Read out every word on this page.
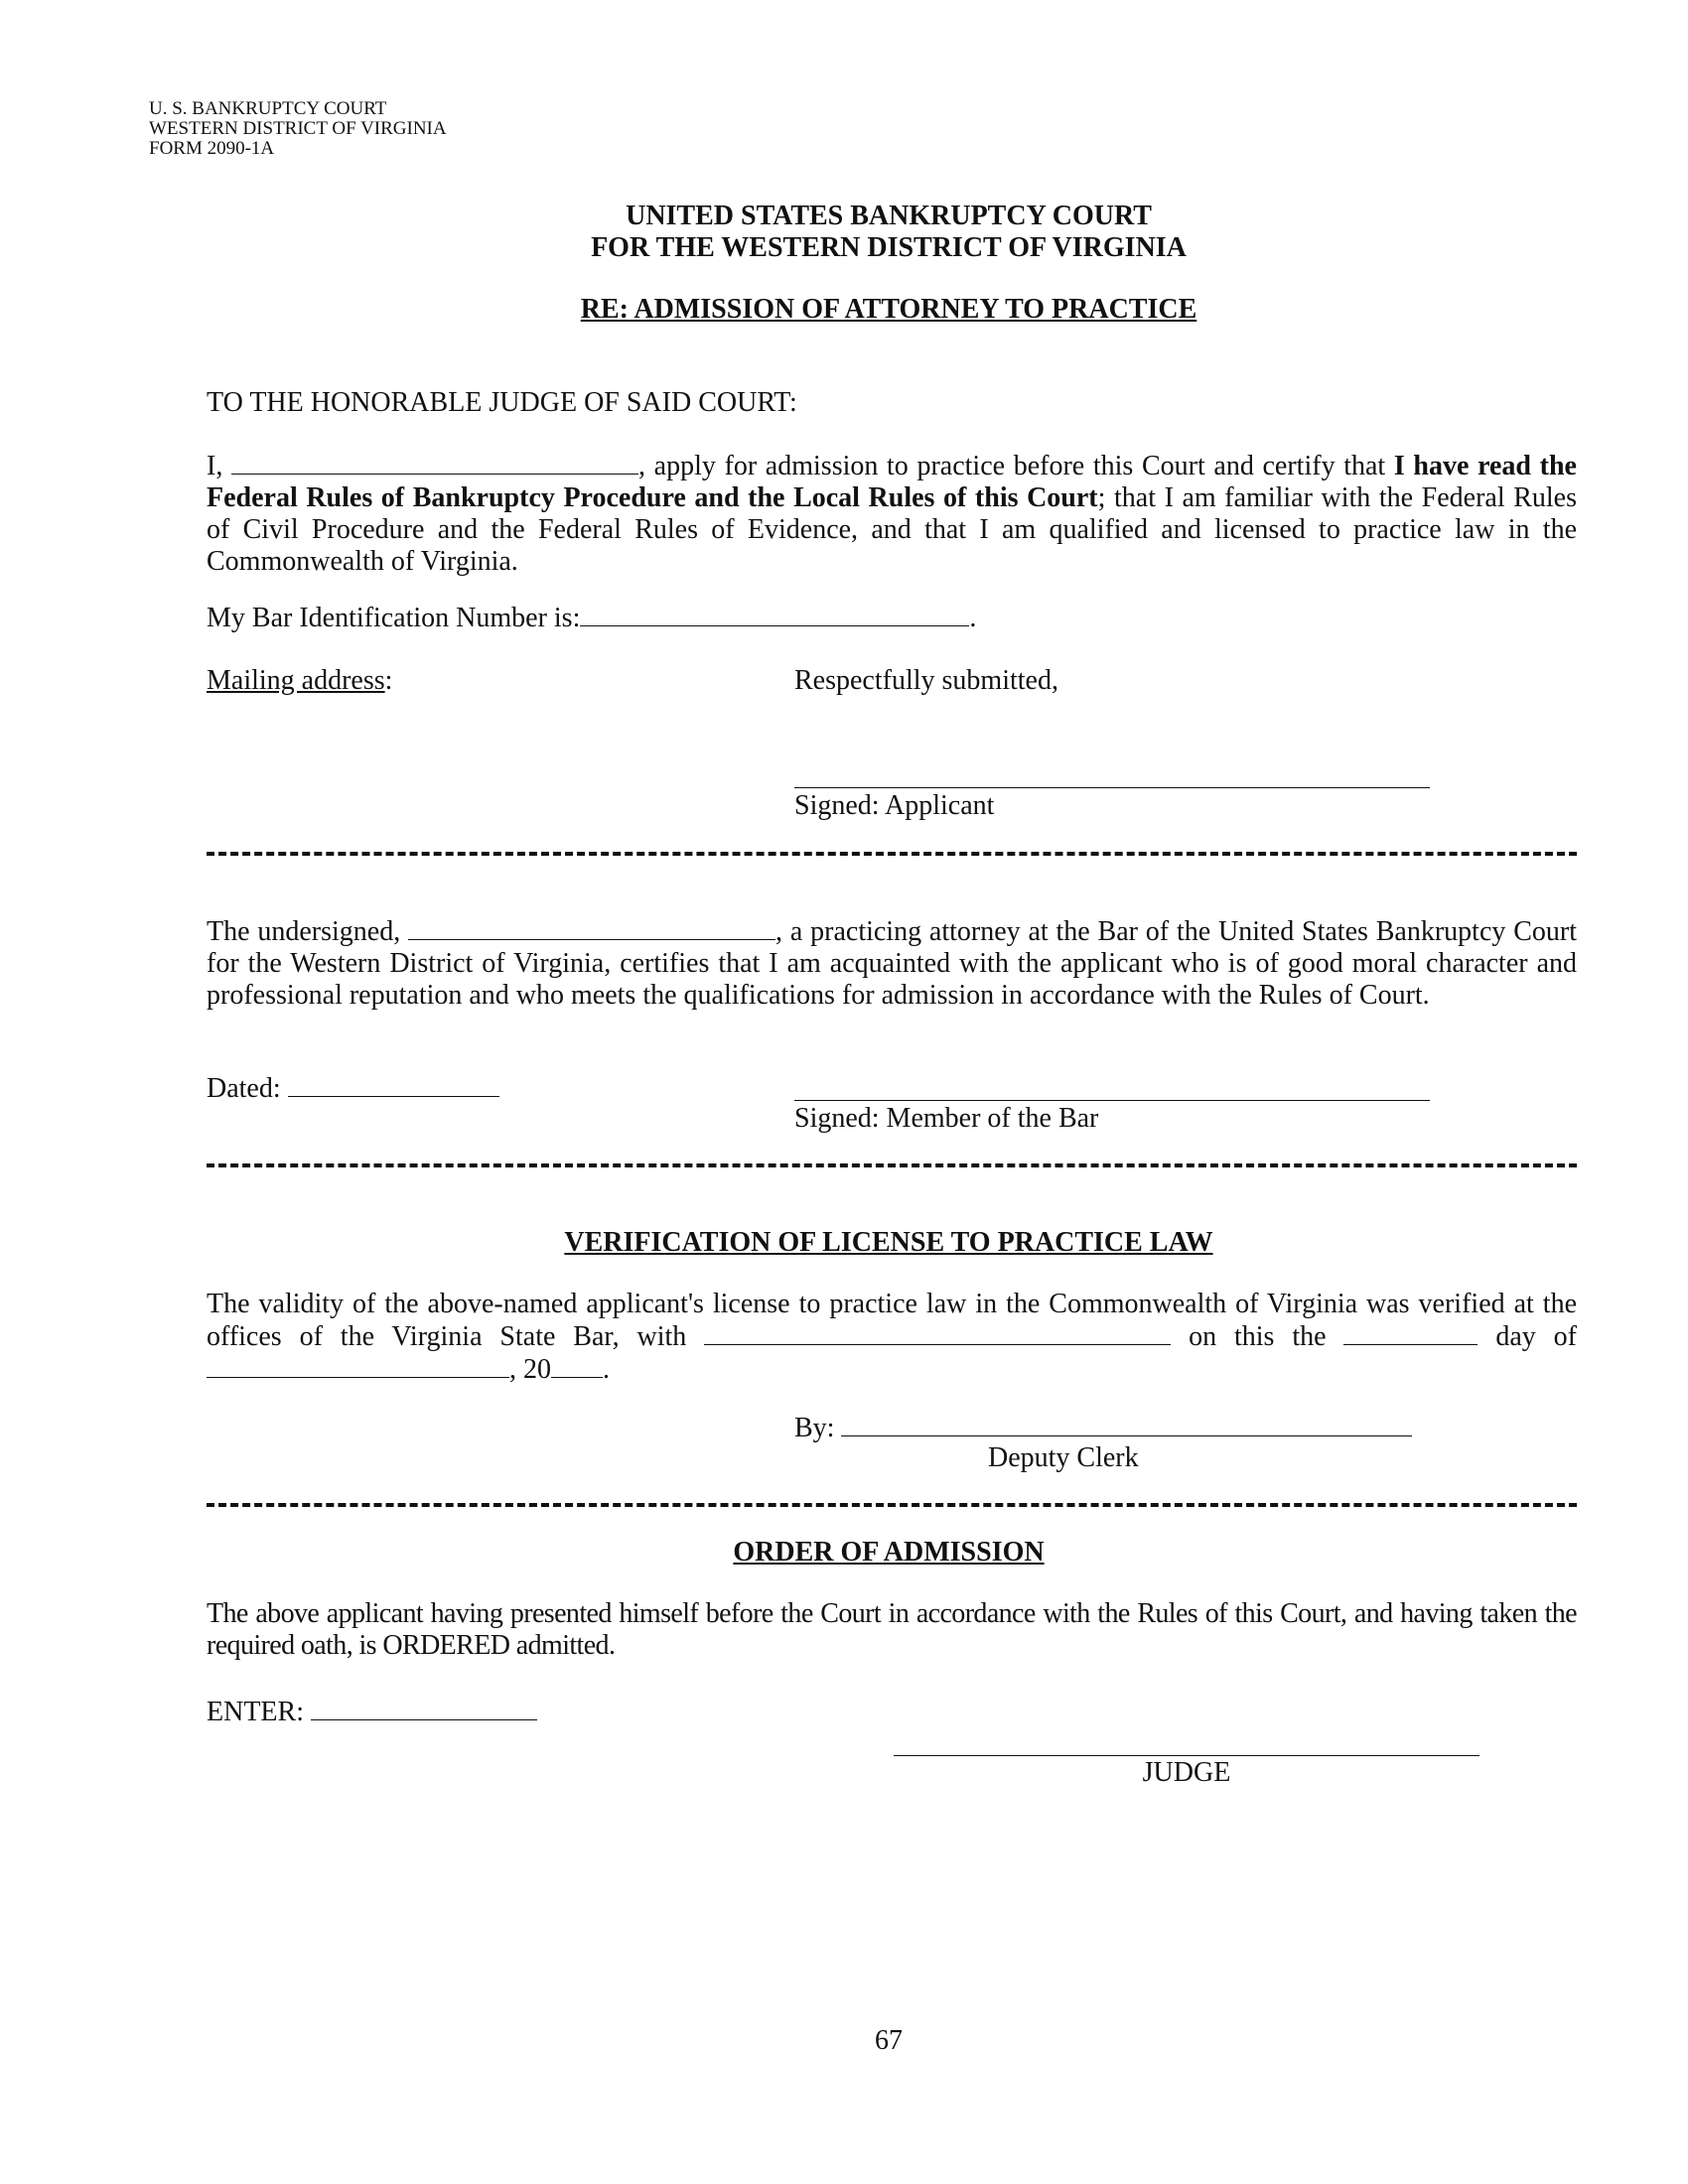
U. S. BANKRUPTCY COURT
WESTERN DISTRICT OF VIRGINIA
FORM 2090-1A
UNITED STATES BANKRUPTCY COURT
FOR THE WESTERN DISTRICT OF VIRGINIA
RE: ADMISSION OF ATTORNEY TO PRACTICE
TO THE HONORABLE JUDGE OF SAID COURT:
I,	, apply for admission to practice before this Court and certify that I have read the Federal Rules of Bankruptcy Procedure and the Local Rules of this Court; that I am familiar with the Federal Rules of Civil Procedure and the Federal Rules of Evidence, and that I am qualified and licensed to practice law in the Commonwealth of Virginia.
My Bar Identification Number is:	.
Mailing address:	Respectfully submitted,
Signed: Applicant
The undersigned,	, a practicing attorney at the Bar of the United States Bankruptcy Court for the Western District of Virginia, certifies that I am acquainted with the applicant who is of good moral character and professional reputation and who meets the qualifications for admission in accordance with the Rules of Court.
Dated:
Signed: Member of the Bar
VERIFICATION OF LICENSE TO PRACTICE LAW
The validity of the above-named applicant's license to practice law in the Commonwealth of Virginia was verified at the offices of the Virginia State Bar, with	on this the	day of , 20 .
By:
Deputy Clerk
ORDER OF ADMISSION
The above applicant having presented himself before the Court in accordance with the Rules of this Court, and having taken the required oath, is ORDERED admitted.
ENTER:
JUDGE
67
